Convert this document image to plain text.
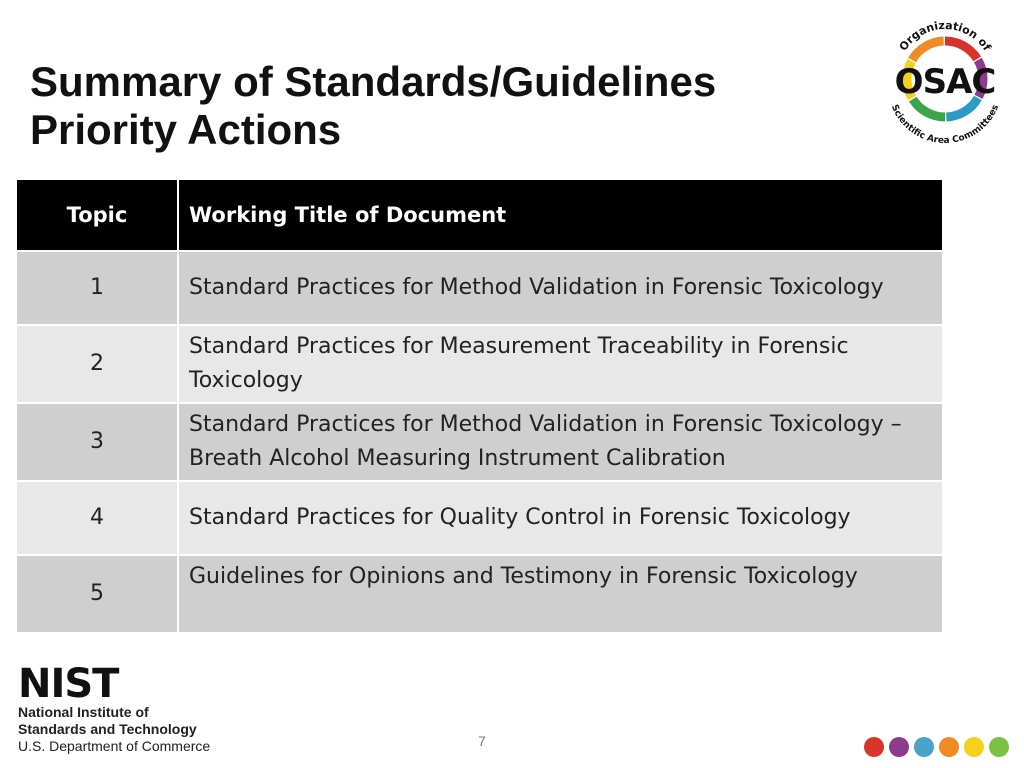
Summary of Standards/Guidelines
Priority Actions
Organization of
OSAC
Scientific Area Committees
Topic	Working Title of Document

1	Standard Practices for Method Validation in Forensic Toxicology
2	Standard Practices for Measurement Traceability in Forensic Toxicology
3	Standard Practices for Method Validation in Forensic Toxicology – Breath Alcohol Measuring Instrument Calibration
4	Standard Practices for Quality Control in Forensic Toxicology
5	Guidelines for Opinions and Testimony in Forensic Toxicology
NIST
National Institute of
Standards and Technology
U.S. Department of Commerce	7
